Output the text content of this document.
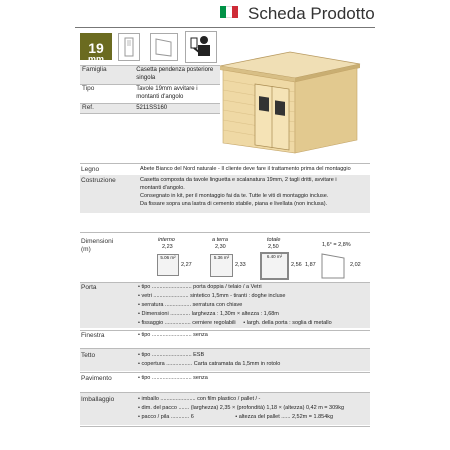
Scheda Prodotto
19
mm
Famiglia	Casetta pendenza posteriore singola
Tipo	Tavole 19mm avvitare i montanti d'angolo
Ref.	5211SS160
Legno	Abete Bianco del Nord naturale - Il cliente deve fare il trattamento prima del montaggio
Costruzione	Casetta composta da tavole linguetta e scalanatura 19mm, 2 tagli dritti, avvitare i
montanti d'angolo.
Consegnato in kit, per il montaggio fai da te. Tutte le viti di montaggio incluse.
Da fissare sopra una lastra di cemento stabile, piana e livellata (non inclusa).
Dimensioni
(m)
interno
2,23
5.06 m²
2,27
a terra
2,30
5.36 m²
2,33
totale
2,50
6.40 m²
2,56
1,6° = 2,8%
1,87	2,02
Porta	• tipo .......................... porta doppia / telaio / a Vetri
• vetri ....................... sintetico 1,5mm - tiranti : doghe incluse
• serratura ................. serratura con chiave
• Dimensioni ............. larghezza : 1,30m × altezza : 1,68m
• fissaggio ................. cerniere regolabili • largh. della porta : soglia di metallo
Finestra	• tipo .......................... senza
Tetto	• tipo .......................... ESB
• copertura ................. Carta catramata da 1,5mm in rotolo
Pavimento	• tipo .......................... senza
Imballaggio	• imballo ....................... con film plastico / pallet / -
• dim. del pacco ....... (larghezza) 2,35 × (profondità) 1,18 × (altezza) 0,42 m = 309kg
• pacco / pila ............ 6	• altezza del pallet ...... 2,52m = 1.854kg
